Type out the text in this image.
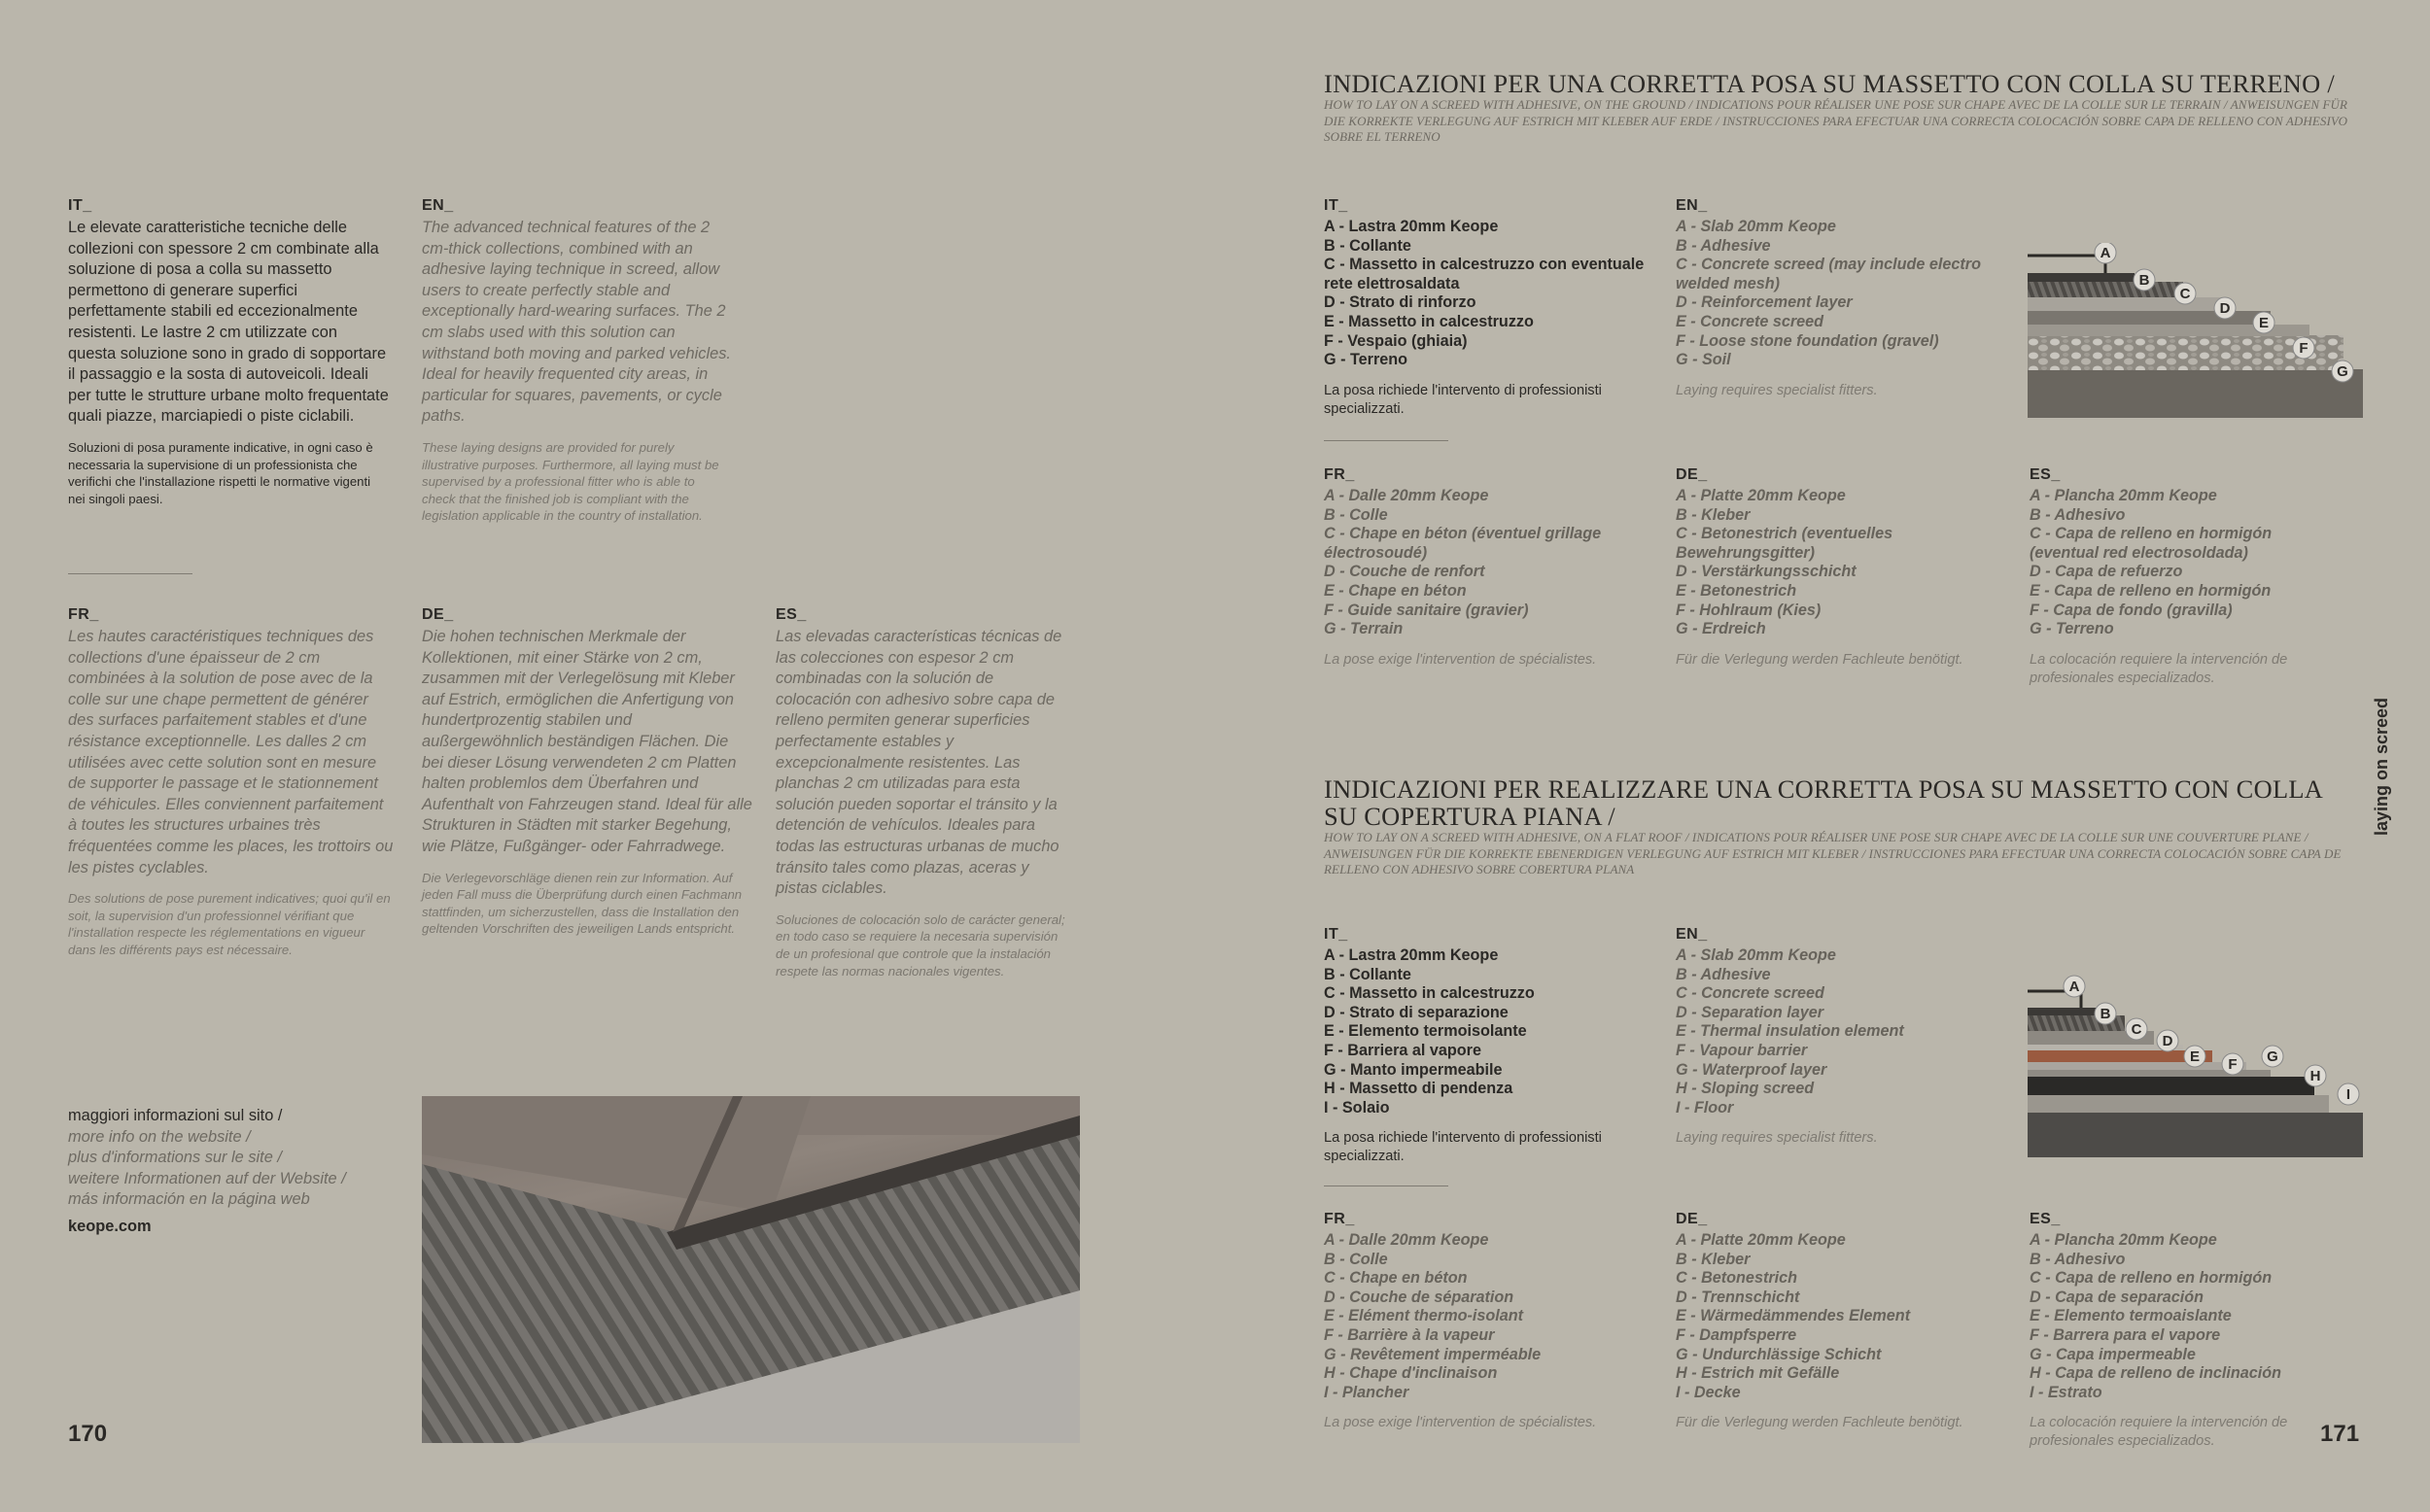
IT_
Le elevate caratteristiche tecniche delle collezioni con spessore 2 cm combinate alla soluzione di posa a colla su massetto permettono di generare superfici perfettamente stabili ed eccezionalmente resistenti. Le lastre 2 cm utilizzate con questa soluzione sono in grado di sopportare il passaggio e la sosta di autoveicoli. Ideali per tutte le strutture urbane molto frequentate quali piazze, marciapiedi o piste ciclabili.
Soluzioni di posa puramente indicative, in ogni caso è necessaria la supervisione di un professionista che verifichi che l'installazione rispetti le normative vigenti nei singoli paesi.
EN_
The advanced technical features of the 2 cm-thick collections, combined with an adhesive laying technique in screed, allow users to create perfectly stable and exceptionally hard-wearing surfaces. The 2 cm slabs used with this solution can withstand both moving and parked vehicles. Ideal for heavily frequented city areas, in particular for squares, pavements, or cycle paths.
These laying designs are provided for purely illustrative purposes. Furthermore, all laying must be supervised by a professional fitter who is able to check that the finished job is compliant with the legislation applicable in the country of installation.
FR_
Les hautes caractéristiques techniques des collections d'une épaisseur de 2 cm combinées à la solution de pose avec de la colle sur une chape permettent de générer des surfaces parfaitement stables et d'une résistance exceptionnelle. Les dalles 2 cm utilisées avec cette solution sont en mesure de supporter le passage et le stationnement de véhicules. Elles conviennent parfaitement à toutes les structures urbaines très fréquentées comme les places, les trottoirs ou les pistes cyclables.
Des solutions de pose purement indicatives; quoi qu'il en soit, la supervision d'un professionnel vérifiant que l'installation respecte les réglementations en vigueur dans les différents pays est nécessaire.
DE_
Die hohen technischen Merkmale der Kollektionen, mit einer Stärke von 2 cm, zusammen mit der Verlegelösung mit Kleber auf Estrich, ermöglichen die Anfertigung von hundertprozentig stabilen und außergewöhnlich beständigen Flächen. Die bei dieser Lösung verwendeten 2 cm Platten halten problemlos dem Überfahren und Aufenthalt von Fahrzeugen stand. Ideal für alle Strukturen in Städten mit starker Begehung, wie Plätze, Fußgänger- oder Fahrradwege.
Die Verlegevorschläge dienen rein zur Information. Auf jeden Fall muss die Überprüfung durch einen Fachmann stattfinden, um sicherzustellen, dass die Installation den geltenden Vorschriften des jeweiligen Lands entspricht.
ES_
Las elevadas características técnicas de las colecciones con espesor 2 cm combinadas con la solución de colocación con adhesivo sobre capa de relleno permiten generar superficies perfectamente estables y excepcionalmente resistentes. Las planchas 2 cm utilizadas para esta solución pueden soportar el tránsito y la detención de vehículos. Ideales para todas las estructuras urbanas de mucho tránsito tales como plazas, aceras y pistas ciclables.
Soluciones de colocación solo de carácter general; en todo caso se requiere la necesaria supervisión de un profesional que controle que la instalación respete las normas nacionales vigentes.
maggiori informazioni sul sito /
more info on the website /
plus d'informations sur le site /
weitere Informationen auf der Website /
más información en la página web
keope.com
170
INDICAZIONI PER UNA CORRETTA POSA SU MASSETTO CON COLLA SU TERRENO /
HOW TO LAY ON A SCREED WITH ADHESIVE, ON THE GROUND / INDICATIONS POUR RÉALISER UNE POSE SUR CHAPE AVEC DE LA COLLE SUR LE TERRAIN / ANWEISUNGEN FÜR DIE KORREKTE VERLEGUNG AUF ESTRICH MIT KLEBER AUF ERDE / INSTRUCCIONES PARA EFECTUAR UNA CORRECTA COLOCACIÓN SOBRE CAPA DE RELLENO CON ADHESIVO SOBRE EL TERRENO
IT_
A - Lastra 20mm Keope
B - Collante
C - Massetto in calcestruzzo con eventuale rete elettrosaldata
D - Strato di rinforzo
E - Massetto in calcestruzzo
F - Vespaio (ghiaia)
G - Terreno
La posa richiede l'intervento di professionisti specializzati.
EN_
A - Slab 20mm Keope
B - Adhesive
C - Concrete screed (may include electro welded mesh)
D - Reinforcement layer
E - Concrete screed
F - Loose stone foundation (gravel)
G - Soil
Laying requires specialist fitters.
A
B
C
D
E
F
G
FR_
A - Dalle 20mm Keope
B - Colle
C - Chape en béton (éventuel grillage électrosoudé)
D - Couche de renfort
E - Chape en béton
F - Guide sanitaire (gravier)
G - Terrain
La pose exige l'intervention de spécialistes.
DE_
A - Platte 20mm Keope
B - Kleber
C - Betonestrich (eventuelles Bewehrungsgitter)
D - Verstärkungsschicht
E - Betonestrich
F - Hohlraum (Kies)
G - Erdreich
Für die Verlegung werden Fachleute benötigt.
ES_
A - Plancha 20mm Keope
B - Adhesivo
C - Capa de relleno en hormigón (eventual red electrosoldada)
D - Capa de refuerzo
E - Capa de relleno en hormigón
F - Capa de fondo (gravilla)
G - Terreno
La colocación requiere la intervención de profesionales especializados.
INDICAZIONI PER REALIZZARE UNA CORRETTA POSA SU MASSETTO CON COLLA SU COPERTURA PIANA /
HOW TO LAY ON A SCREED WITH ADHESIVE, ON A FLAT ROOF / INDICATIONS POUR RÉALISER UNE POSE SUR CHAPE AVEC DE LA COLLE SUR UNE COUVERTURE PLANE / ANWEISUNGEN FÜR DIE KORREKTE EBENERDIGEN VERLEGUNG AUF ESTRICH MIT KLEBER / INSTRUCCIONES PARA EFECTUAR UNA CORRECTA COLOCACIÓN SOBRE CAPA DE RELLENO CON ADHESIVO SOBRE COBERTURA PLANA
IT_
A - Lastra 20mm Keope
B - Collante
C - Massetto in calcestruzzo
D - Strato di separazione
E - Elemento termoisolante
F - Barriera al vapore
G - Manto impermeabile
H - Massetto di pendenza
I - Solaio
La posa richiede l'intervento di professionisti specializzati.
EN_
A - Slab 20mm Keope
B - Adhesive
C - Concrete screed
D - Separation layer
E - Thermal insulation element
F - Vapour barrier
G - Waterproof layer
H - Sloping screed
I - Floor
Laying requires specialist fitters.
A
B
C
D
E F G
H
I
FR_
A - Dalle 20mm Keope
B - Colle
C - Chape en béton
D - Couche de séparation
E - Elément thermo-isolant
F - Barrière à la vapeur
G - Revêtement imperméable
H - Chape d'inclinaison
I - Plancher
La pose exige l'intervention de spécialistes.
DE_
A - Platte 20mm Keope
B - Kleber
C - Betonestrich
D - Trennschicht
E - Wärmedämmendes Element
F - Dampfsperre
G - Undurchlässige Schicht
H - Estrich mit Gefälle
I - Decke
Für die Verlegung werden Fachleute benötigt.
ES_
A - Plancha 20mm Keope
B - Adhesivo
C - Capa de relleno en hormigón
D - Capa de separación
E - Elemento termoaislante
F - Barrera para el vapore
G - Capa impermeable
H - Capa de relleno de inclinación
I - Estrato
La colocación requiere la intervención de profesionales especializados.
laying on screed
171
